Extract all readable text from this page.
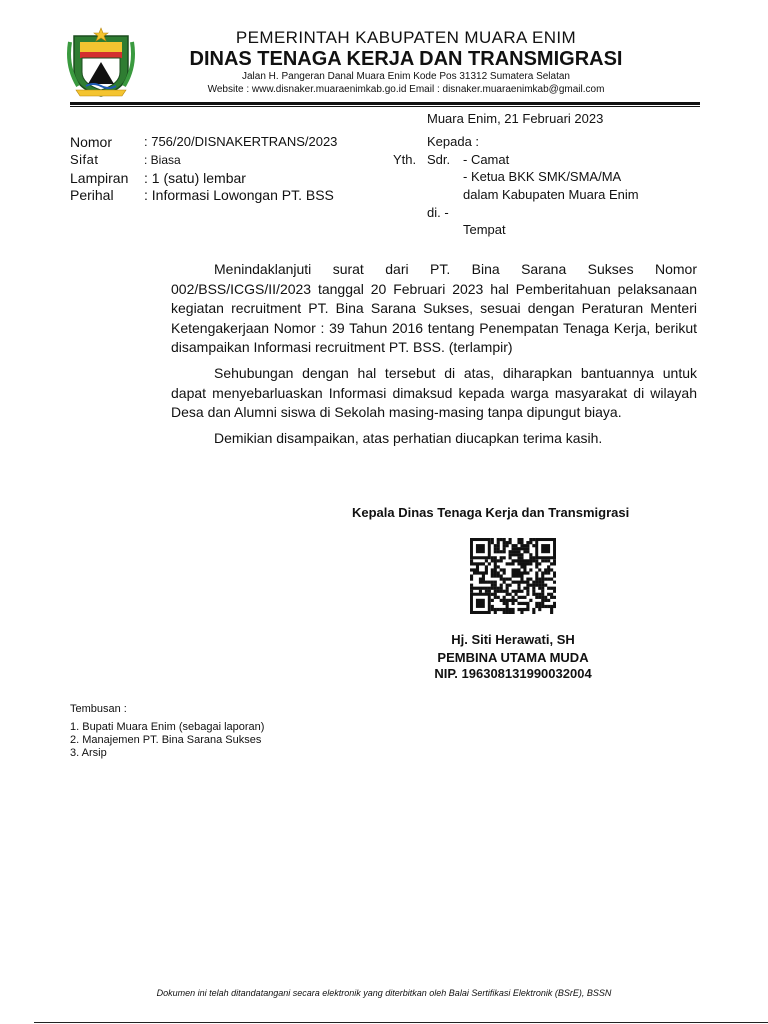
PEMERINTAH KABUPATEN MUARA ENIM
DINAS TENAGA KERJA DAN TRANSMIGRASI
Jalan H. Pangeran Danal Muara Enim Kode Pos 31312 Sumatera Selatan
Website : www.disnaker.muaraenimkab.go.id Email : disnaker.muaraenimkab@gmail.com
Muara Enim, 21 Februari 2023
Nomor : 756/20/DISNAKERTRANS/2023
Sifat	: Biasa
Lampiran : 1 (satu) lembar
Perihal : Informasi Lowongan PT. BSS
Kepada :
Yth. Sdr. - Camat
- Ketua BKK SMK/SMA/MA
dalam Kabupaten Muara Enim
di. -
Tempat

Menindaklanjuti surat dari PT. Bina Sarana Sukses Nomor 002/BSS/ICGS/II/2023 tanggal 20 Februari 2023 hal Pemberitahuan pelaksanaan kegiatan recruitment PT. Bina Sarana Sukses, sesuai dengan Peraturan Menteri Ketengakerjaan Nomor : 39 Tahun 2016 tentang Penempatan Tenaga Kerja, berikut disampaikan Informasi recruitment PT. BSS. (terlampir)

Sehubungan dengan hal tersebut di atas, diharapkan bantuannya untuk dapat menyebarluaskan Informasi dimaksud kepada warga masyarakat di wilayah Desa dan Alumni siswa di Sekolah masing-masing tanpa dipungut biaya.

Demikian disampaikan, atas perhatian diucapkan terima kasih.

Kepala Dinas Tenaga Kerja dan Transmigrasi
Hj. Siti Herawati, SH
PEMBINA UTAMA MUDA
NIP. 196308131990032004
Tembusan :
1. Bupati Muara Enim (sebagai laporan)
2. Manajemen PT. Bina Sarana Sukses
3. Arsip
Dokumen ini telah ditandatangani secara elektronik yang diterbitkan oleh Balai Sertifikasi Elektronik (BSrE), BSSN
